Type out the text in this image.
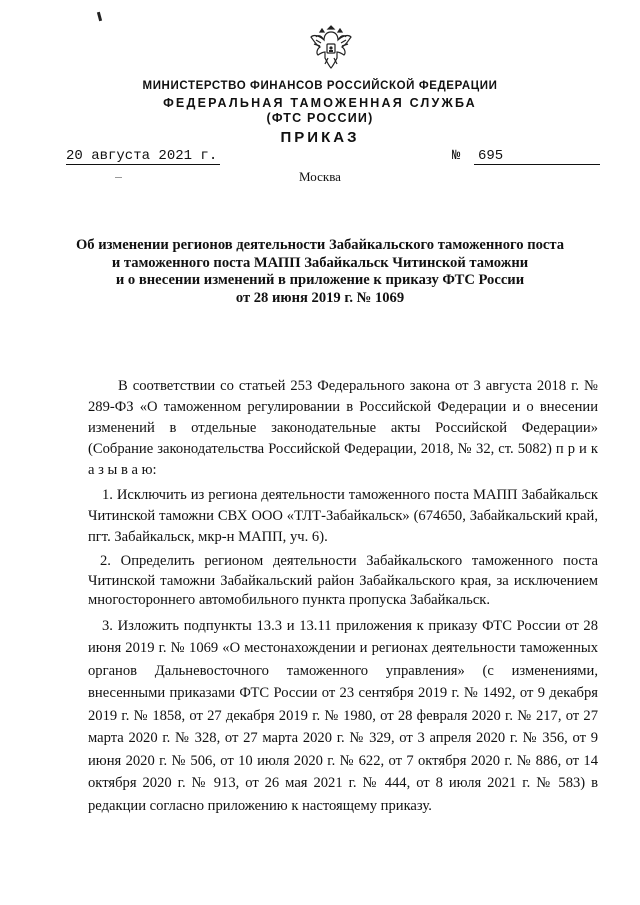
МИНИСТЕРСТВО ФИНАНСОВ РОССИЙСКОЙ ФЕДЕРАЦИИ
ФЕДЕРАЛЬНАЯ ТАМОЖЕННАЯ СЛУЖБА
(ФТС РОССИИ)
ПРИКАЗ
20 августа 2021 г.	№ 695
Москва
Об изменении регионов деятельности Забайкальского таможенного поста
и таможенного поста МАПП Забайкальск Читинской таможни
и о внесении изменений в приложение к приказу ФТС России
от 28 июня 2019 г. № 1069

В соответствии со статьей 253 Федерального закона от 3 августа 2018 г. № 289-ФЗ «О таможенном регулировании в Российской Федерации и о внесении изменений в отдельные законодательные акты Российской Федерации» (Собрание законодательства Российской Федерации, 2018, № 32, ст. 5082) п р и к а з ы в а ю:

1. Исключить из региона деятельности таможенного поста МАПП Забайкальск Читинской таможни СВХ ООО «ТЛТ-Забайкальск» (674650, Забайкальский край, пгт. Забайкальск, мкр-н МАПП, уч. 6).

2. Определить регионом деятельности Забайкальского таможенного поста Читинской таможни Забайкальский район Забайкальского края, за исключением многостороннего автомобильного пункта пропуска Забайкальск.

3. Изложить подпункты 13.3 и 13.11 приложения к приказу ФТС России от 28 июня 2019 г. № 1069 «О местонахождении и регионах деятельности таможенных органов Дальневосточного таможенного управления» (с изменениями, внесенными приказами ФТС России от 23 сентября 2019 г. № 1492, от 9 декабря 2019 г. № 1858, от 27 декабря 2019 г. № 1980, от 28 февраля 2020 г. № 217, от 27 марта 2020 г. № 328, от 27 марта 2020 г. № 329, от 3 апреля 2020 г. № 356, от 9 июня 2020 г. № 506, от 10 июля 2020 г. № 622, от 7 октября 2020 г. № 886, от 14 октября 2020 г. № 913, от 26 мая 2021 г. № 444, от 8 июля 2021 г. № 583) в редакции согласно приложению к настоящему приказу.
